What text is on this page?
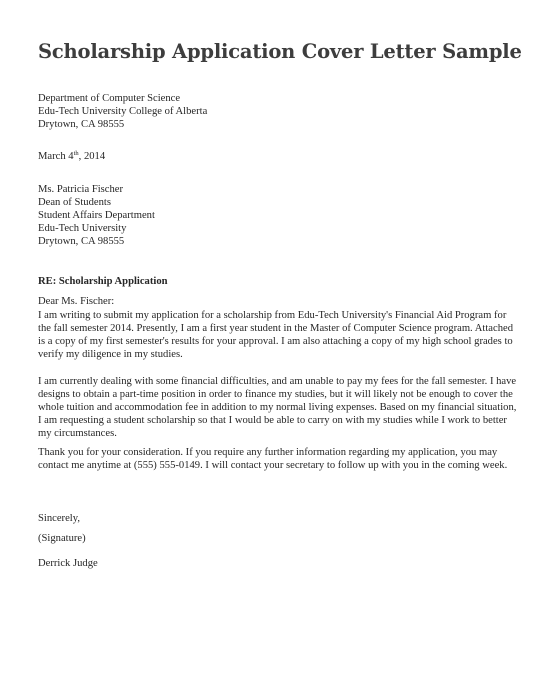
Scholarship Application Cover Letter Sample
Department of Computer Science
Edu-Tech University College of Alberta
Drytown, CA 98555
March 4th, 2014
Ms. Patricia Fischer
Dean of Students
Student Affairs Department
Edu-Tech University
Drytown, CA 98555
RE: Scholarship Application
Dear Ms. Fischer:
I am writing to submit my application for a scholarship from Edu-Tech University's Financial Aid Program for the fall semester 2014. Presently, I am a first year student in the Master of Computer Science program. Attached is a copy of my first semester's results for your approval. I am also attaching a copy of my high school grades to verify my diligence in my studies.
I am currently dealing with some financial difficulties, and am unable to pay my fees for the fall semester. I have designs to obtain a part-time position in order to finance my studies, but it will likely not be enough to cover the whole tuition and accommodation fee in addition to my normal living expenses. Based on my financial situation, I am requesting a student scholarship so that I would be able to carry on with my studies while I work to better my circumstances.
Thank you for your consideration. If you require any further information regarding my application, you may contact me anytime at (555) 555-0149. I will contact your secretary to follow up with you in the coming week.
Sincerely,
(Signature)
Derrick Judge
